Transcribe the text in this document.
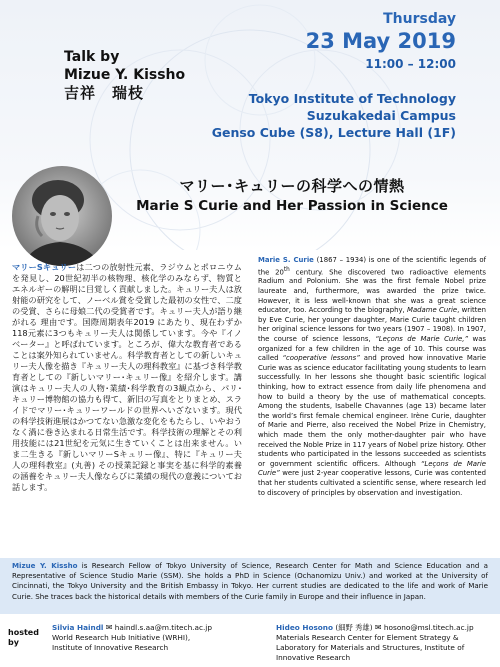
Talk by
Mizue Y. Kissho
吉祥　瑞枝
Thursday
23 May 2019
11:00 – 12:00
Tokyo Institute of Technology
Suzukakedai Campus
Genso Cube (S8), Lecture Hall (1F)
マリー･キュリーの科学への情熱
Marie S Curie and Her Passion in Science
マリーSキュリーは二つの放射性元素、ラジウムとポロニウムを発見し、20世紀初半の核物理、核化学のみならず、物質とエネルギーの解明に目覚しく貢献しました。キュリー夫人は放射能の研究をして、ノーベル賞を受賞した最初の女性で、二度の受賞、さらに母娘二代の受賞者です。キュリー夫人が語り継がれる 理由です。国際周期表年2019 にあたり、現在わずか118元素に3つもキュリー夫人は関係しています。今や『イノベーター』と呼ばれています。ところが、偉大な教育者であることは案外知られていません。科学教育者としての新しいキュリー夫人像を描き『キュリー夫人の理科教室』に基づき科学教育者としての『新しいマリー･キュリー像』を紹介します。講演はキュリー夫人の人物･業績･科学教育の3観点から、パリ･キュリー博物館の協力も得て、新旧の写真をとりまとめ、スライドでマリー･キュリーワールドの世界へいざないます。現代の科学技術進展はかつてない急激な変化をもたらし、いやおうなく渦に巻き込まれる日常生活です。科学技術の理解とその利用技能には21世紀を元気に生きていくことは出来ません。いま二生きる『新しいマリーSキュリー像』、特に『キュリー夫人の理科教室』(丸善) その授業記録と事実を基に科学的素養の涵養をキュリー夫人像ならびに業績の現代の意義についてお話します。
Marie S. Curie (1867 – 1934) is one of the scientific legends of the 20th century. She discovered two radioactive elements Radium and Polonium. She was the first female Nobel prize laureate and, furthermore, was awarded the prize twice. However, it is less well-known that she was a great science educator, too. According to the biography, Madame Curie, written by Eve Curie, her younger daughter, Marie Curie taught children her original science lessons for two years (1907 – 1908). In 1907, the course of science lessons, “Leçons de Marie Curie,” was organized for a few children in the age of 10. This course was called “cooperative lessons” and proved how innovative Marie Curie was as science educator facilitating young students to learn successfully. In her lessons she thought basic scientific logical thinking, how to extract essence from daily life phenomena and how to build a theory by the use of mathematical concepts. Among the students, Isabelle Chavannes (age 13) became later the world’s first female chemical engineer. Irène Curie, daughter of Marie and Pierre, also received the Nobel Prize in Chemistry, which made them the only mother-daughter pair who have received the Noble Prize in 117 years of Nobel prize history. Other students who participated in the lessons succeeded as scientists or government scientific officers. Although “Leçons de Marie Curie” were just 2-year cooperative lessons, Curie was contented that her students cultivated a scientific sense, where research led to discovery of principles by observation and investigation.
Mizue Y. Kissho is Research Fellow of Tokyo University of Science, Research Center for Math and Science Education and a Representative of Science Studio Marie (SSM). She holds a PhD in Science (Ochanomizu Univ.) and worked at the University of Cincinnati, the Tokyo University and the British Embassy in Tokyo. Her current studies are dedicated to the life and work of Marie Curie. She traces back the historical details with members of the Curie family in Europe and their influence in Japan.
hosted
by
Silvia Haindl ✉ haindl.s.aa@m.titech.ac.jp
World Research Hub Initiative (WRHI),
Institute of Innovative Research
Hideo Hosono (細野 秀雄) ✉ hosono@msl.titech.ac.jp
Materials Research Center for Element Strategy &
Laboratory for Materials and Structures, Institute of Innovative Research
